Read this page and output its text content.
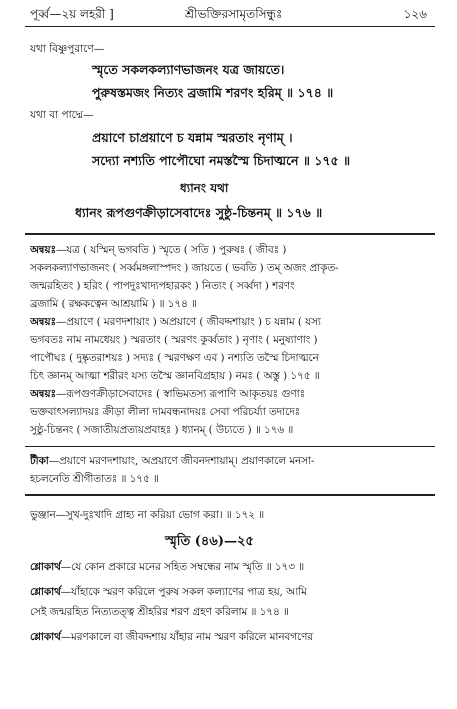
পূর্ব্ব—২য় লহরী ]	শ্রীভক্তিরসামৃতসিন্ধুঃ	১২৬
যথা বিষ্ণুপুরাণে—
স্মৃতে সকলকল্যাণভাজনং যত্র জায়তে।
পুরুষস্তমজং নিত্যং ব্রজামি শরণং হরিম্ ॥ ১৭৪ ॥
যথা বা পাদ্মে—
প্রয়াণে চাপ্রয়াণে চ যন্নাম স্মরতাং নৃণাম্ ।
সদ্যো নশ্যতি পাপৌঘো নমস্তস্মৈ চিদাত্মনে ॥ ১৭৫ ॥
ধ্যানং যথা
ধ্যানং রূপগুণক্রীড়াসেবাদেঃ সুষ্ঠু-চিন্তনম্ ॥ ১৭৬ ॥
অন্বয়ঃ—যত্র ( যস্মিন্ ভগবতি ) স্মৃতে ( সতি ) পুরুষঃ ( জীবঃ )
সকলকল্যাণভাজনং ( সর্ব্বমঙ্গলাস্পদং ) জায়তে ( ভবতি ) তম্ অজং প্রাকৃত-
জন্মরহিতং ) হরিং ( পাপদুঃখাদ্যপহারকং ) নিত্যং ( সর্ব্বদা ) শরণং
ব্রজামি ( রক্ষকত্বেন আশ্রয়ামি ) ॥ ১৭৪ ॥
অন্বয়ঃ—প্রয়াণে ( মরণদশায়াং ) অপ্রয়াণে ( জীবদ্দশায়াং ) চ যন্নাম ( যস্য
ভগবতঃ নাম নামধেয়ং ) স্মরতাং ( স্মরণং কুর্ব্বতাং ) নৃণাং ( মনুষ্যাণাং )
পাপৌঘঃ ( দুষ্কৃতরাশয়ঃ ) সদ্যঃ ( স্মরণক্ষণ এব ) নশ্যতি তস্মৈ চিদাত্মনে
চিৎ জ্ঞানম্ আত্মা শরীরং যস্য তস্মৈ জ্ঞানবিগ্রহায় ) নমঃ ( অস্তু ) ১৭৫ ॥
অন্বয়ঃ—রূপগুণক্রীড়াসেবাদেঃ ( স্বাভিমতস্য রূপাণি আকৃতয়ঃ গুণাঃ
ভক্তবাৎসল্যাদয়ঃ ক্রীড়া লীলা দামবন্ধনাদয়ঃ সেবা পরিচর্য্যা তদাদেঃ
সুষ্ঠু-চিন্তনং ( সজাতীয়প্রত্যয়প্রবাহঃ ) ধ্যানম্ ( উচ্যতে ) ॥ ১৭৬ ॥
টীকা—প্রয়াণে মরণদশায়াং, অপ্রয়াণে জীবনদশায়াম্। প্রয়াণকালে মনসা-
হচলনেতি শ্রীগীতাতঃ ॥ ১৭৫ ॥
ভুঞ্জান—সুখ-দুঃখাদি গ্রাহ্য না করিয়া ভোগ করা। ॥ ১৭২ ॥
স্মৃতি (৪৬)—২৫
শ্লোকার্থ—যে কোন প্রকারে মনের সহিত সম্বন্ধের নাম স্মৃতি ॥ ১৭৩ ॥
শ্লোকার্থ—যাঁহাকে স্মরণ করিলে পুরুষ সকল কল্যাণের পাত্র হয়, আমি
সেই জন্মরহিত নিত্যতত্ত্ব শ্রীহরির শরণ গ্রহণ করিলাম ॥ ১৭৪ ॥
শ্লোকার্থ—মরণকালে বা জীবদ্দশায় যাঁহার নাম স্মরণ করিলে মানবগণের
